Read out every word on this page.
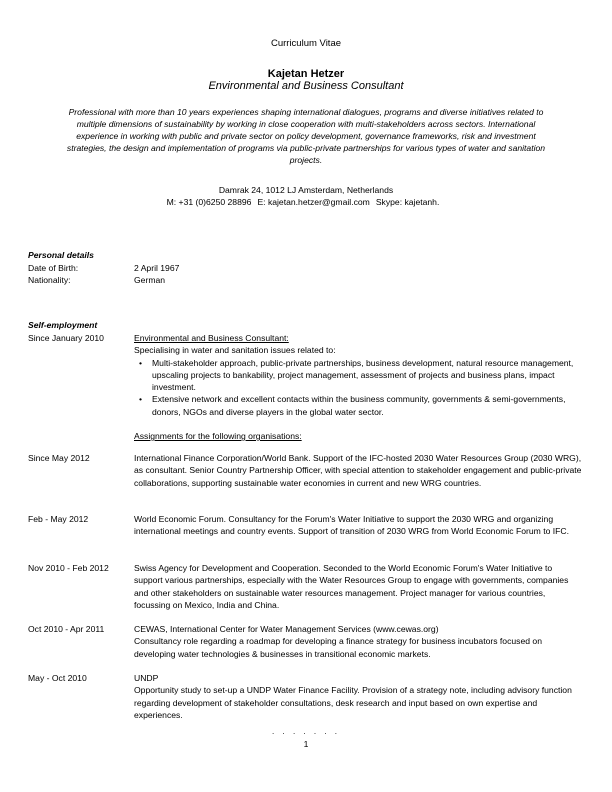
Curriculum Vitae
Kajetan Hetzer
Environmental and Business Consultant
Professional with more than 10 years experiences shaping international dialogues, programs and diverse initiatives related to multiple dimensions of sustainability by working in close cooperation with multi-stakeholders across sectors. International experience in working with public and private sector on policy development, governance frameworks, risk and investment strategies, the design and implementation of programs via public-private partnerships for various types of water and sanitation projects.
Damrak 24, 1012 LJ Amsterdam, Netherlands
M: +31 (0)6250 28896 E: kajetan.hetzer@gmail.com Skype: kajetanh.
Personal details
Date of Birth:	2 April 1967
Nationality:	German
Self-employment
Since January 2010	Environmental and Business Consultant:
Specialising in water and sanitation issues related to:
• Multi-stakeholder approach, public-private partnerships, business development, natural resource management, upscaling projects to bankability, project management, assessment of projects and business plans, impact investment.
• Extensive network and excellent contacts within the business community, governments & semi-governments, donors, NGOs and diverse players in the global water sector.
Assignments for the following organisations:
Since May 2012	International Finance Corporation/World Bank. Support of the IFC-hosted 2030 Water Resources Group (2030 WRG), as consultant. Senior Country Partnership Officer, with special attention to stakeholder engagement and public-private collaborations, supporting sustainable water economies in current and new WRG countries.
Feb - May 2012	World Economic Forum. Consultancy for the Forum's Water Initiative to support the 2030 WRG and organizing international meetings and country events. Support of transition of 2030 WRG from World Economic Forum to IFC.
Nov 2010 - Feb 2012	Swiss Agency for Development and Cooperation. Seconded to the World Economic Forum's Water Initiative to support various partnerships, especially with the Water Resources Group to engage with governments, companies and other stakeholders on sustainable water resources management. Project manager for various countries, focussing on Mexico, India and China.
Oct 2010 - Apr 2011	CEWAS, International Center for Water Management Services (www.cewas.org)
Consultancy role regarding a roadmap for developing a finance strategy for business incubators focused on developing water technologies & businesses in transitional economic markets.
May - Oct 2010	UNDP
Opportunity study to set-up a UNDP Water Finance Facility. Provision of a strategy note, including advisory function regarding development of stakeholder consultations, desk research and input based on own expertise and experiences.
. . . . . . .
1
